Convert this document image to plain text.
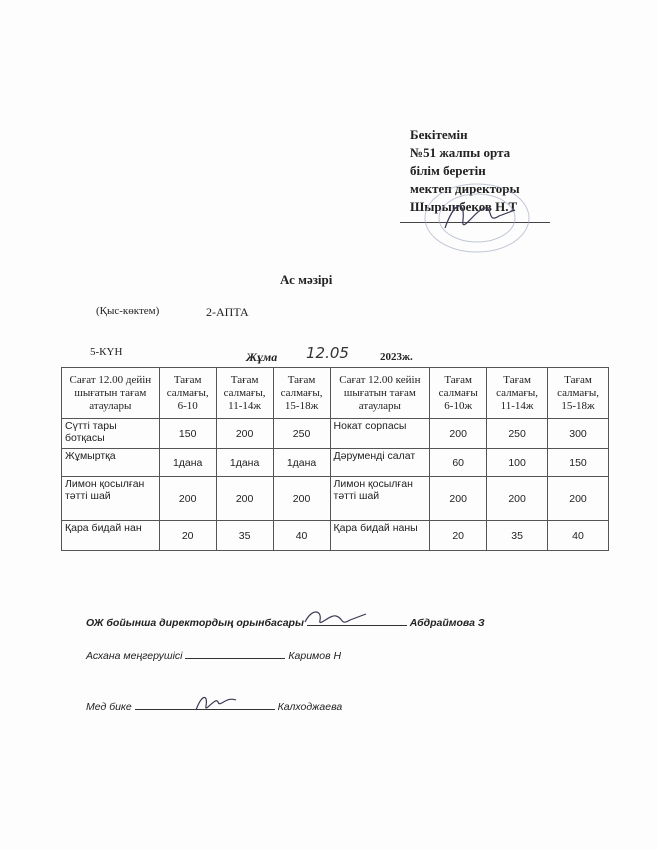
Бекітемін
№51 жалпы орта
білім беретін
мектеп директоры
Шырынбеков Н.Т
Ас мәзірі
(Қыс-көктем)	2-АПТА
5-КҮН	Жұма 12.05	2023ж.
Сағат 12.00 дейін шығатын тағам атаулары	Тағам салмағы, 6-10	Тағам салмағы, 11-14ж	Тағам салмағы, 15-18ж	Сағат 12.00 кейін шығатын тағам атаулары	Тағам салмағы 6-10ж	Тағам салмағы, 11-14ж	Тағам салмағы, 15-18ж
Сүтті тары ботқасы	150	200	250	Нокат сорпасы	200	250	300
Жұмыртқа	1дана	1дана	1дана	Дәруменді салат	60	100	150
Лимон қосылған тәтті шай	200	200	200	Лимон қосылған тәтті шай	200	200	200
Қара бидай нан	20	35	40	Қара бидай наны	20	35	40
ОЖ бойынша директордың орынбасары	Абдраймова З
Асхана меңгерушісі	Каримов Н
Мед бике	Калходжаева
